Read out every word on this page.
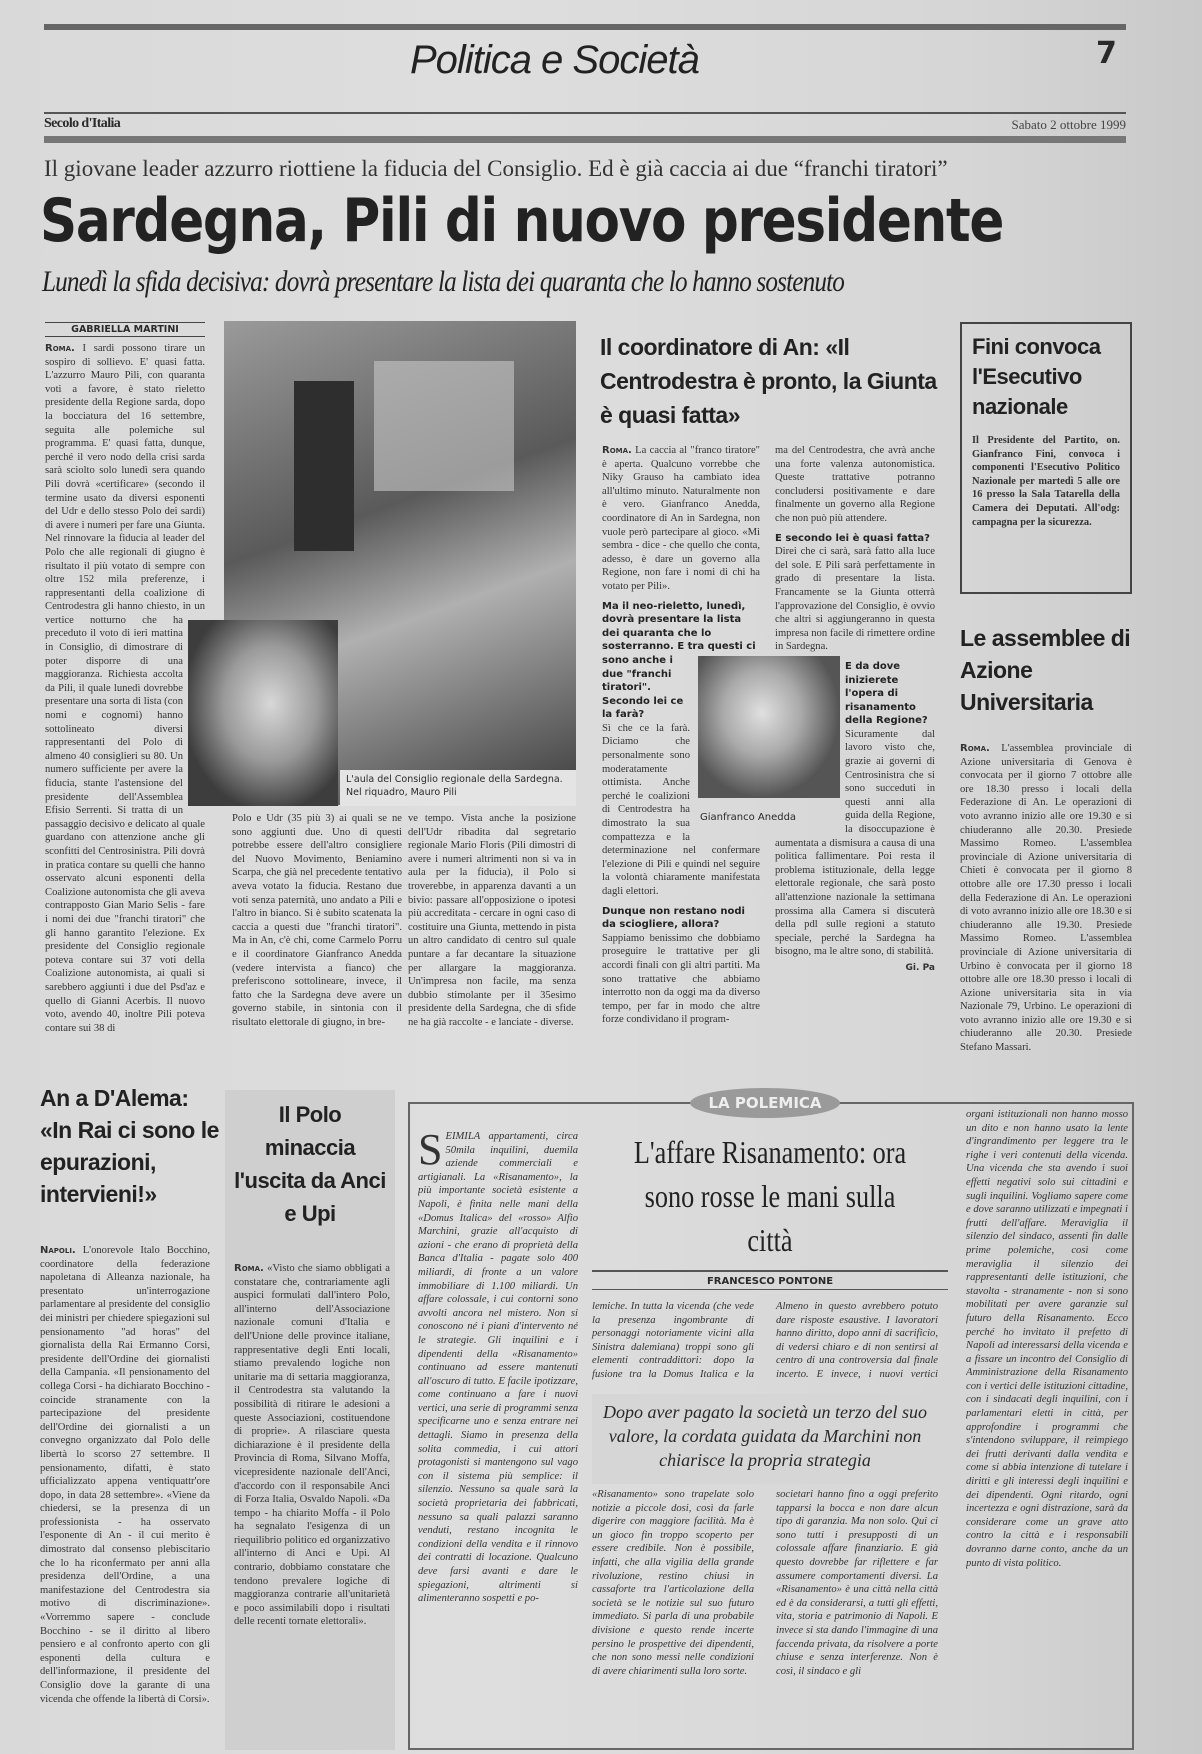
Politica e Società	7
Secolo d'Italia	Sabato 2 ottobre 1999
Il giovane leader azzurro riottiene la fiducia del Consiglio. Ed è già caccia ai due “franchi tiratori”
Sardegna, Pili di nuovo presidente
Lunedì la sfida decisiva: dovrà presentare la lista dei quaranta che lo hanno sostenuto
GABRIELLA MARTINI
Roma. I sardi possono tirare un sospiro di sollievo. E' quasi fatta. L'azzurro Mauro Pili, con quaranta voti a favore, è stato rieletto presidente della Regione sarda, dopo la bocciatura del 16 settembre, seguita alle polemiche sul programma. E' quasi fatta, dunque, perché il vero nodo della crisi sarda sarà sciolto solo lunedì sera quando Pili dovrà «certificare» (secondo il termine usato da diversi esponenti del Udr e dello stesso Polo dei sardi) di avere i numeri per fare una Giunta. Nel rinnovare la fiducia al leader del Polo che alle regionali di giugno è risultato il più votato di sempre con oltre 152 mila preferenze, i rappresentanti della coalizione di Centrodestra gli hanno chiesto, in un vertice notturno che ha preceduto il voto di ieri mattina in Consiglio, di dimostrare di poter disporre di una maggioranza. Richiesta accolta da Pili, il quale lunedì dovrebbe presentare una sorta di lista (con nomi e cognomi) hanno sottolineato diversi rappresentanti del Polo di almeno 40 consiglieri su 80. Un numero sufficiente per avere la fiducia, stante l'astensione del presidente dell'Assemblea Efisio Serrenti. Si tratta di un passaggio decisivo e delicato al quale guardano con attenzione anche gli sconfitti del Centrosinistra. Pili dovrà in pratica contare su quelli che hanno osservato alcuni esponenti della Coalizione autonomista che gli aveva contrapposto Gian Mario Selis - fare i nomi dei due "franchi tiratori" che gli hanno garantito l'elezione. Ex presidente del Consiglio regionale poteva contare sui 37 voti della Coalizione autonomista, ai quali si sarebbero aggiunti i due del Psd'az e quello di Gianni Acerbis. Il nuovo voto, avendo 40, inoltre Pili poteva contare sui 38 di
L'aula del Consiglio regionale della Sardegna. Nel riquadro, Mauro Pili
Polo e Udr (35 più 3) ai quali se ne sono aggiunti due. Uno di questi potrebbe essere dell'altro consigliere del Nuovo Movimento, Beniamino Scarpa, che già nel precedente tentativo aveva votato la fiducia. Restano due voti senza paternità, uno andato a Pili e l'altro in bianco. Si è subito scatenata la caccia a questi due "franchi tiratori". Ma in An, c'è chi, come Carmelo Porru e il coordinatore Gianfranco Anedda (vedere intervista a fianco) che preferiscono sottolineare, invece, il fatto che la Sardegna deve avere un governo stabile, in sintonia con il risultato elettorale di giugno, in bre-
ve tempo. Vista anche la posizione dell'Udr ribadita dal segretario regionale Mario Floris (Pili dimostri di avere i numeri altrimenti non si va in aula per la fiducia), il Polo si troverebbe, in apparenza davanti a un bivio: passare all'opposizione o ipotesi più accreditata - cercare in ogni caso di costituire una Giunta, mettendo in pista un altro candidato di centro sul quale puntare a far decantare la situazione per allargare la maggioranza. Un'impresa non facile, ma senza dubbio stimolante per il 35esimo presidente della Sardegna, che di sfide ne ha già raccolte - e lanciate - diverse.
Il coordinatore di An: «Il Centrodestra è pronto, la Giunta è quasi fatta»
Roma. La caccia al "franco tiratore" è aperta. Qualcuno vorrebbe che Niky Grauso ha cambiato idea all'ultimo minuto. Naturalmente non è vero. Gianfranco Anedda, coordinatore di An in Sardegna, non vuole però partecipare al gioco. «Mi sembra - dice - che quello che conta, adesso, è dare un governo alla Regione, non fare i nomi di chi ha votato per Pili».
Ma il neo-rieletto, lunedì, dovrà presentare la lista dei quaranta che lo sosterranno. E tra questi ci sono anche i due "franchi tiratori". Secondo lei ce la farà?
Sì che ce la farà. Diciamo che personalmente sono moderatamente ottimista. Anche perché le coalizioni di Centrodestra ha dimostrato la sua compattezza e la determinazione nel confermare l'elezione di Pili e quindi nel seguire la volontà chiaramente manifestata dagli elettori.
Dunque non restano nodi da sciogliere, allora?
Sappiamo benissimo che dobbiamo proseguire le trattative per gli accordi finali con gli altri partiti. Ma sono trattative che abbiamo interrotto non da oggi ma da diverso tempo, per far in modo che altre forze condividano il program-
ma del Centrodestra, che avrà anche una forte valenza autonomistica. Queste trattative potranno concludersi positivamente e dare finalmente un governo alla Regione che non può più attendere.
E secondo lei è quasi fatta?
Direi che ci sarà, sarà fatto alla luce del sole. E Pili sarà perfettamente in grado di presentare la lista. Francamente se la Giunta otterrà l'approvazione del Consiglio, è ovvio che altri si aggiungeranno in questa impresa non facile di rimettere ordine in Sardegna.
E da dove inizierete l'opera di risanamento della Regione?
Sicuramente dal lavoro visto che, grazie ai governi di Centrosinistra che si sono succeduti in questi anni alla guida della Regione, la disoccupazione è aumentata a dismisura a causa di una politica fallimentare. Poi resta il problema istituzionale, della legge elettorale regionale, che sarà posto all'attenzione nazionale la settimana prossima alla Camera si discuterà della pdl sulle regioni a statuto speciale, perché la Sardegna ha bisogno, ma le altre sono, di stabilità.
Gi. Pa
Gianfranco Anedda
Fini convoca l'Esecutivo nazionale
Il Presidente del Partito, on. Gianfranco Fini, convoca i componenti l'Esecutivo Politico Nazionale per martedì 5 alle ore 16 presso la Sala Tatarella della Camera dei Deputati. All'odg: campagna per la sicurezza.
Le assemblee di Azione Universitaria
Roma. L'assemblea provinciale di Azione universitaria di Genova è convocata per il giorno 7 ottobre alle ore 18.30 presso i locali della Federazione di An. Le operazioni di voto avranno inizio alle ore 19.30 e si chiuderanno alle 20.30. Presiede Massimo Romeo. L'assemblea provinciale di Azione universitaria di Chieti è convocata per il giorno 8 ottobre alle ore 17.30 presso i locali della Federazione di An. Le operazioni di voto avranno inizio alle ore 18.30 e si chiuderanno alle 19.30. Presiede Massimo Romeo. L'assemblea provinciale di Azione universitaria di Urbino è convocata per il giorno 18 ottobre alle ore 18.30 presso i locali di Azione universitaria sita in via Nazionale 79, Urbino. Le operazioni di voto avranno inizio alle ore 19.30 e si chiuderanno alle 20.30. Presiede Stefano Massari.
An a D'Alema: «In Rai ci sono le epurazioni, intervieni!»
Napoli. L'onorevole Italo Bocchino, coordinatore della federazione napoletana di Alleanza nazionale, ha presentato un'interrogazione parlamentare al presidente del consiglio dei ministri per chiedere spiegazioni sul pensionamento "ad horas" del giornalista della Rai Ermanno Corsi, presidente dell'Ordine dei giornalisti della Campania. «Il pensionamento del collega Corsi - ha dichiarato Bocchino - coincide stranamente con la partecipazione del presidente dell'Ordine dei giornalisti a un convegno organizzato dal Polo delle libertà lo scorso 27 settembre. Il pensionamento, difatti, è stato ufficializzato appena ventiquattr'ore dopo, in data 28 settembre». «Viene da chiedersi, se la presenza di un professionista - ha osservato l'esponente di An - il cui merito è dimostrato dal consenso plebiscitario che lo ha riconfermato per anni alla presidenza dell'Ordine, a una manifestazione del Centrodestra sia motivo di discriminazione». «Vorremmo sapere - conclude Bocchino - se il diritto al libero pensiero e al confronto aperto con gli esponenti della cultura e dell'informazione, il presidente del Consiglio dove la garante di una vicenda che offende la libertà di Corsi».
Il Polo minaccia l'uscita da Anci e Upi
Roma. «Visto che siamo obbligati a constatare che, contrariamente agli auspici formulati dall'intero Polo, all'interno dell'Associazione nazionale comuni d'Italia e dell'Unione delle province italiane, rappresentative degli Enti locali, stiamo prevalendo logiche non unitarie ma di settaria maggioranza, il Centrodestra sta valutando la possibilità di ritirare le adesioni a queste Associazioni, costituendone di proprie». A rilasciare questa dichiarazione è il presidente della Provincia di Roma, Silvano Moffa, vicepresidente nazionale dell'Anci, d'accordo con il responsabile Anci di Forza Italia, Osvaldo Napoli. «Da tempo - ha chiarito Moffa - il Polo ha segnalato l'esigenza di un riequilibrio politico ed organizzativo all'interno di Anci e Upi. Al contrario, dobbiamo constatare che tendono prevalere logiche di maggioranza contrarie all'unitarietà e poco assimilabili dopo i risultati delle recenti tornate elettorali».
LA POLEMICA
S EIMILA appartamenti, circa 50mila inquilini, duemila aziende commerciali e artigianali. La «Risanamento», la più importante società esistente a Napoli, è finita nelle mani della «Domus Italica» del «rosso» Alfio Marchini, grazie all'acquisto di azioni - che erano di proprietà della Banca d'Italia - pagate solo 400 miliardi, di fronte a un valore immobiliare di 1.100 miliardi. Un affare colossale, i cui contorni sono avvolti ancora nel mistero. Non si conoscono né i piani d'intervento né le strategie. Gli inquilini e i dipendenti della «Risanamento» continuano ad essere mantenuti all'oscuro di tutto. E facile ipotizzare, come continuano a fare i nuovi vertici, una serie di programmi senza specificarne uno e senza entrare nei dettagli. Siamo in presenza della solita commedia, i cui attori protagonisti si mantengono sul vago con il sistema più semplice: il silenzio. Nessuno sa quale sarà la società proprietaria dei fabbricati, nessuno sa quali palazzi saranno venduti, restano incognita le condizioni della vendita e il rinnovo dei contratti di locazione. Qualcuno deve farsi avanti e dare le spiegazioni, altrimenti si alimenteranno sospetti e po-
L'affare Risanamento: ora sono rosse le mani sulla città
FRANCESCO PONTONE
lemiche. In tutta la vicenda (che vede la presenza ingombrante di personaggi notoriamente vicini alla Sinistra dalemiana) troppi sono gli elementi contraddittori: dopo la fusione tra la Domus Italica e la «Risanamento» sono trapelate solo notizie a piccole dosi, così da farle digerire con maggiore facilità. Ma è un gioco fin troppo scoperto per essere credibile. Non è possibile, infatti, che alla vigilia della grande rivoluzione, restino chiusi in cassaforte tra l'articolazione della società se le notizie sul suo futuro immediato. Si parla di una probabile divisione e questo rende incerte persino le prospettive dei dipendenti, che non sono messi nelle condizioni di avere chiarimenti sulla loro sorte.
Almeno in questo avrebbero potuto dare risposte esaustive. I lavoratori hanno diritto, dopo anni di sacrificio, di vedersi chiaro e di non sentirsi al centro di una controversia dal finale incerto. E invece, i nuovi vertici societari hanno fino a oggi preferito tapparsi la bocca e non dare alcun tipo di garanzia. Ma non solo. Qui ci sono tutti i presupposti di un colossale affare finanziario. E già questo dovrebbe far riflettere e far assumere comportamenti diversi. La «Risanamento» è una città nella città ed è da considerarsi, a tutti gli effetti, vita, storia e patrimonio di Napoli. E invece si sta dando l'immagine di una faccenda privata, da risolvere a porte chiuse e senza interferenze. Non è così, il sindaco e gli
Dopo aver pagato la società un terzo del suo valore, la cordata guidata da Marchini non chiarisce la propria strategia
organi istituzionali non hanno mosso un dito e non hanno usato la lente d'ingrandimento per leggere tra le righe i veri contenuti della vicenda. Una vicenda che sta avendo i suoi effetti negativi solo sui cittadini e sugli inquilini. Vogliamo sapere come e dove saranno utilizzati e impegnati i frutti dell'affare. Meraviglia il silenzio del sindaco, assenti fin dalle prime polemiche, così come meraviglia il silenzio dei rappresentanti delle istituzioni, che stavolta - stranamente - non si sono mobilitati per avere garanzie sul futuro della Risanamento. Ecco perché ho invitato il prefetto di Napoli ad interessarsi della vicenda e a fissare un incontro del Consiglio di Amministrazione della Risanamento con i vertici delle istituzioni cittadine, con i sindacati degli inquilini, con i parlamentari eletti in città, per approfondire i programmi che s'intendono sviluppare, il reimpiego dei frutti derivanti dalla vendita e come si abbia intenzione di tutelare i diritti e gli interessi degli inquilini e dei dipendenti. Ogni ritardo, ogni incertezza e ogni distrazione, sarà da considerare come un grave atto contro la città e i responsabili dovranno darne conto, anche da un punto di vista politico.
